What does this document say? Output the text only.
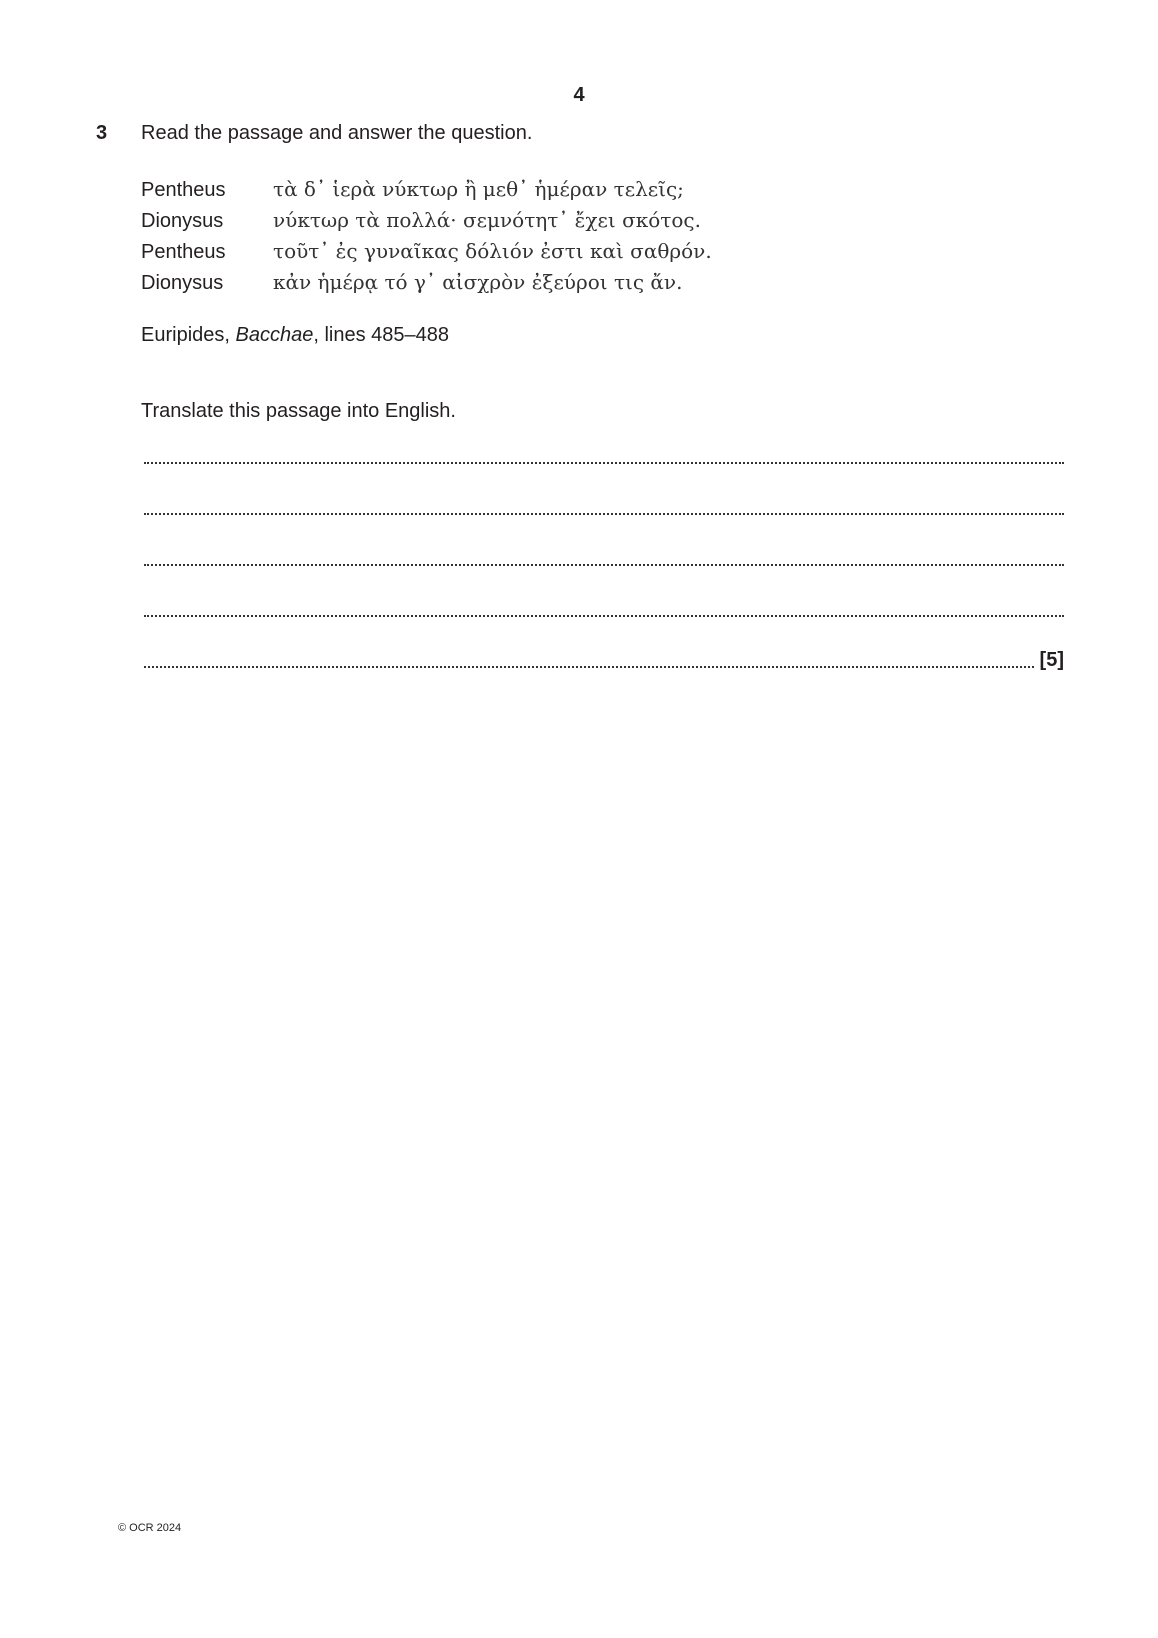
4
3 Read the passage and answer the question.
Pentheus	τὰ δ᾽ ἱερὰ νύκτωρ ἢ μεθ᾽ ἡμέραν τελεῖς;
Dionysus	νύκτωρ τὰ πολλά· σεμνότητ᾽ ἔχει σκότος.
Pentheus	τοῦτ᾽ ἐς γυναῖκας δόλιόν ἐστι καὶ σαθρόν.
Dionysus	κἀν ἡμέρᾳ τό γ᾽ αἰσχρὸν ἐξεύροι τις ἄν.
Euripides, Bacchae, lines 485–488
Translate this passage into English.
[5]
© OCR 2024
